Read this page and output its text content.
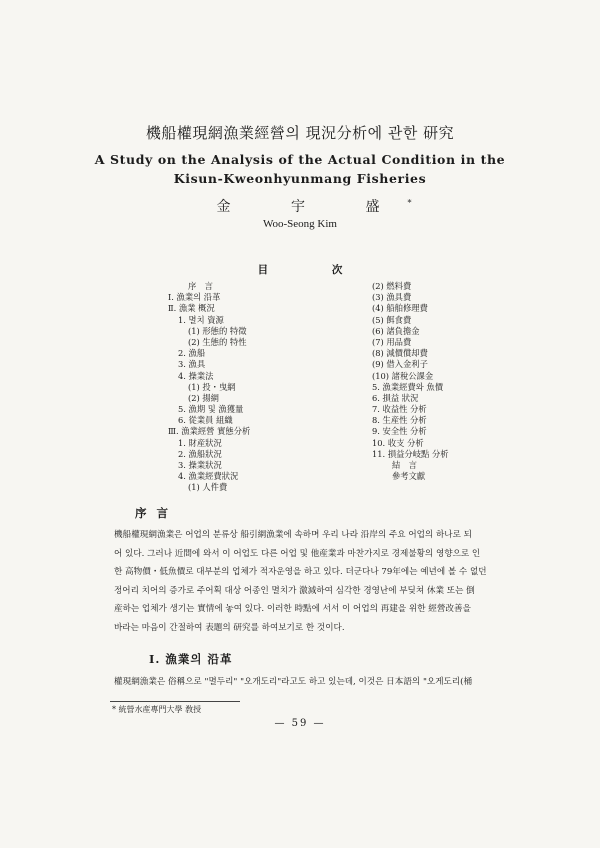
機船權現網漁業經營의 現況分析에 관한 研究
A Study on the Analysis of the Actual Condition in the
Kisun-Kweonhyunmang Fisheries
金 宇 盛*
Woo-Seong Kim
目 次
序　言
Ⅰ. 漁業의 沿革
Ⅱ. 漁業 概況
1. 멸치 資源
(1) 形態的 特徵
(2) 生態的 特性
2. 漁船
3. 漁具
4. 操業法
(1) 投・曳網
(2) 揚網
5. 漁期 및 漁獲量
6. 從業員 組織
Ⅲ. 漁業經營 實態分析
1. 財産狀況
2. 漁船狀況
3. 操業狀況
4. 漁業經費狀況
(1) 人件費
(2) 燃料費
(3) 漁具費
(4) 船舶修理費
(5) 餌食費
(6) 諸負擔金
(7) 用品費
(8) 減價償却費
(9) 借入金利子
(10) 諸稅公課金
5. 漁業經費와 魚價
6. 損益 狀況
7. 收益性 分析
8. 生産性 分析
9. 安全性 分析
10. 收支 分析
11. 損益分岐點 分析
結　言
參考文獻
序 言
機船權現網漁業은 어업의 분류상 船引網漁業에 속하며 우리 나라 沿岸의 주요 어업의 하나로 되
어 있다. 그러나 近間에 와서 이 어업도 다른 어업 및 他産業과 마찬가지로 경제불황의 영향으로 인
한 高物價・低魚價로 대부분의 업체가 적자운영을 하고 있다. 더군다나 79年에는 예년에 볼 수 없던
정어리 치어의 증가로 주어획 대상 어종인 멸치가 激減하여 심각한 경영난에 부딪쳐 休業 또는 倒
産하는 업체가 생기는 實情에 놓여 있다. 이러한 時點에 서서 이 어업의 再建을 위한 經營改善을
바라는 마음이 간절하여 表題의 研究를 하여보기로 한 것이다.
Ⅰ. 漁業의 沿革
權現網漁業은 俗稱으로 "멸두리" "오개도리"라고도 하고 있는데, 이것은 日本語의 "오게도리(桶
* 統營水産專門大學 敎授
— 59 —
